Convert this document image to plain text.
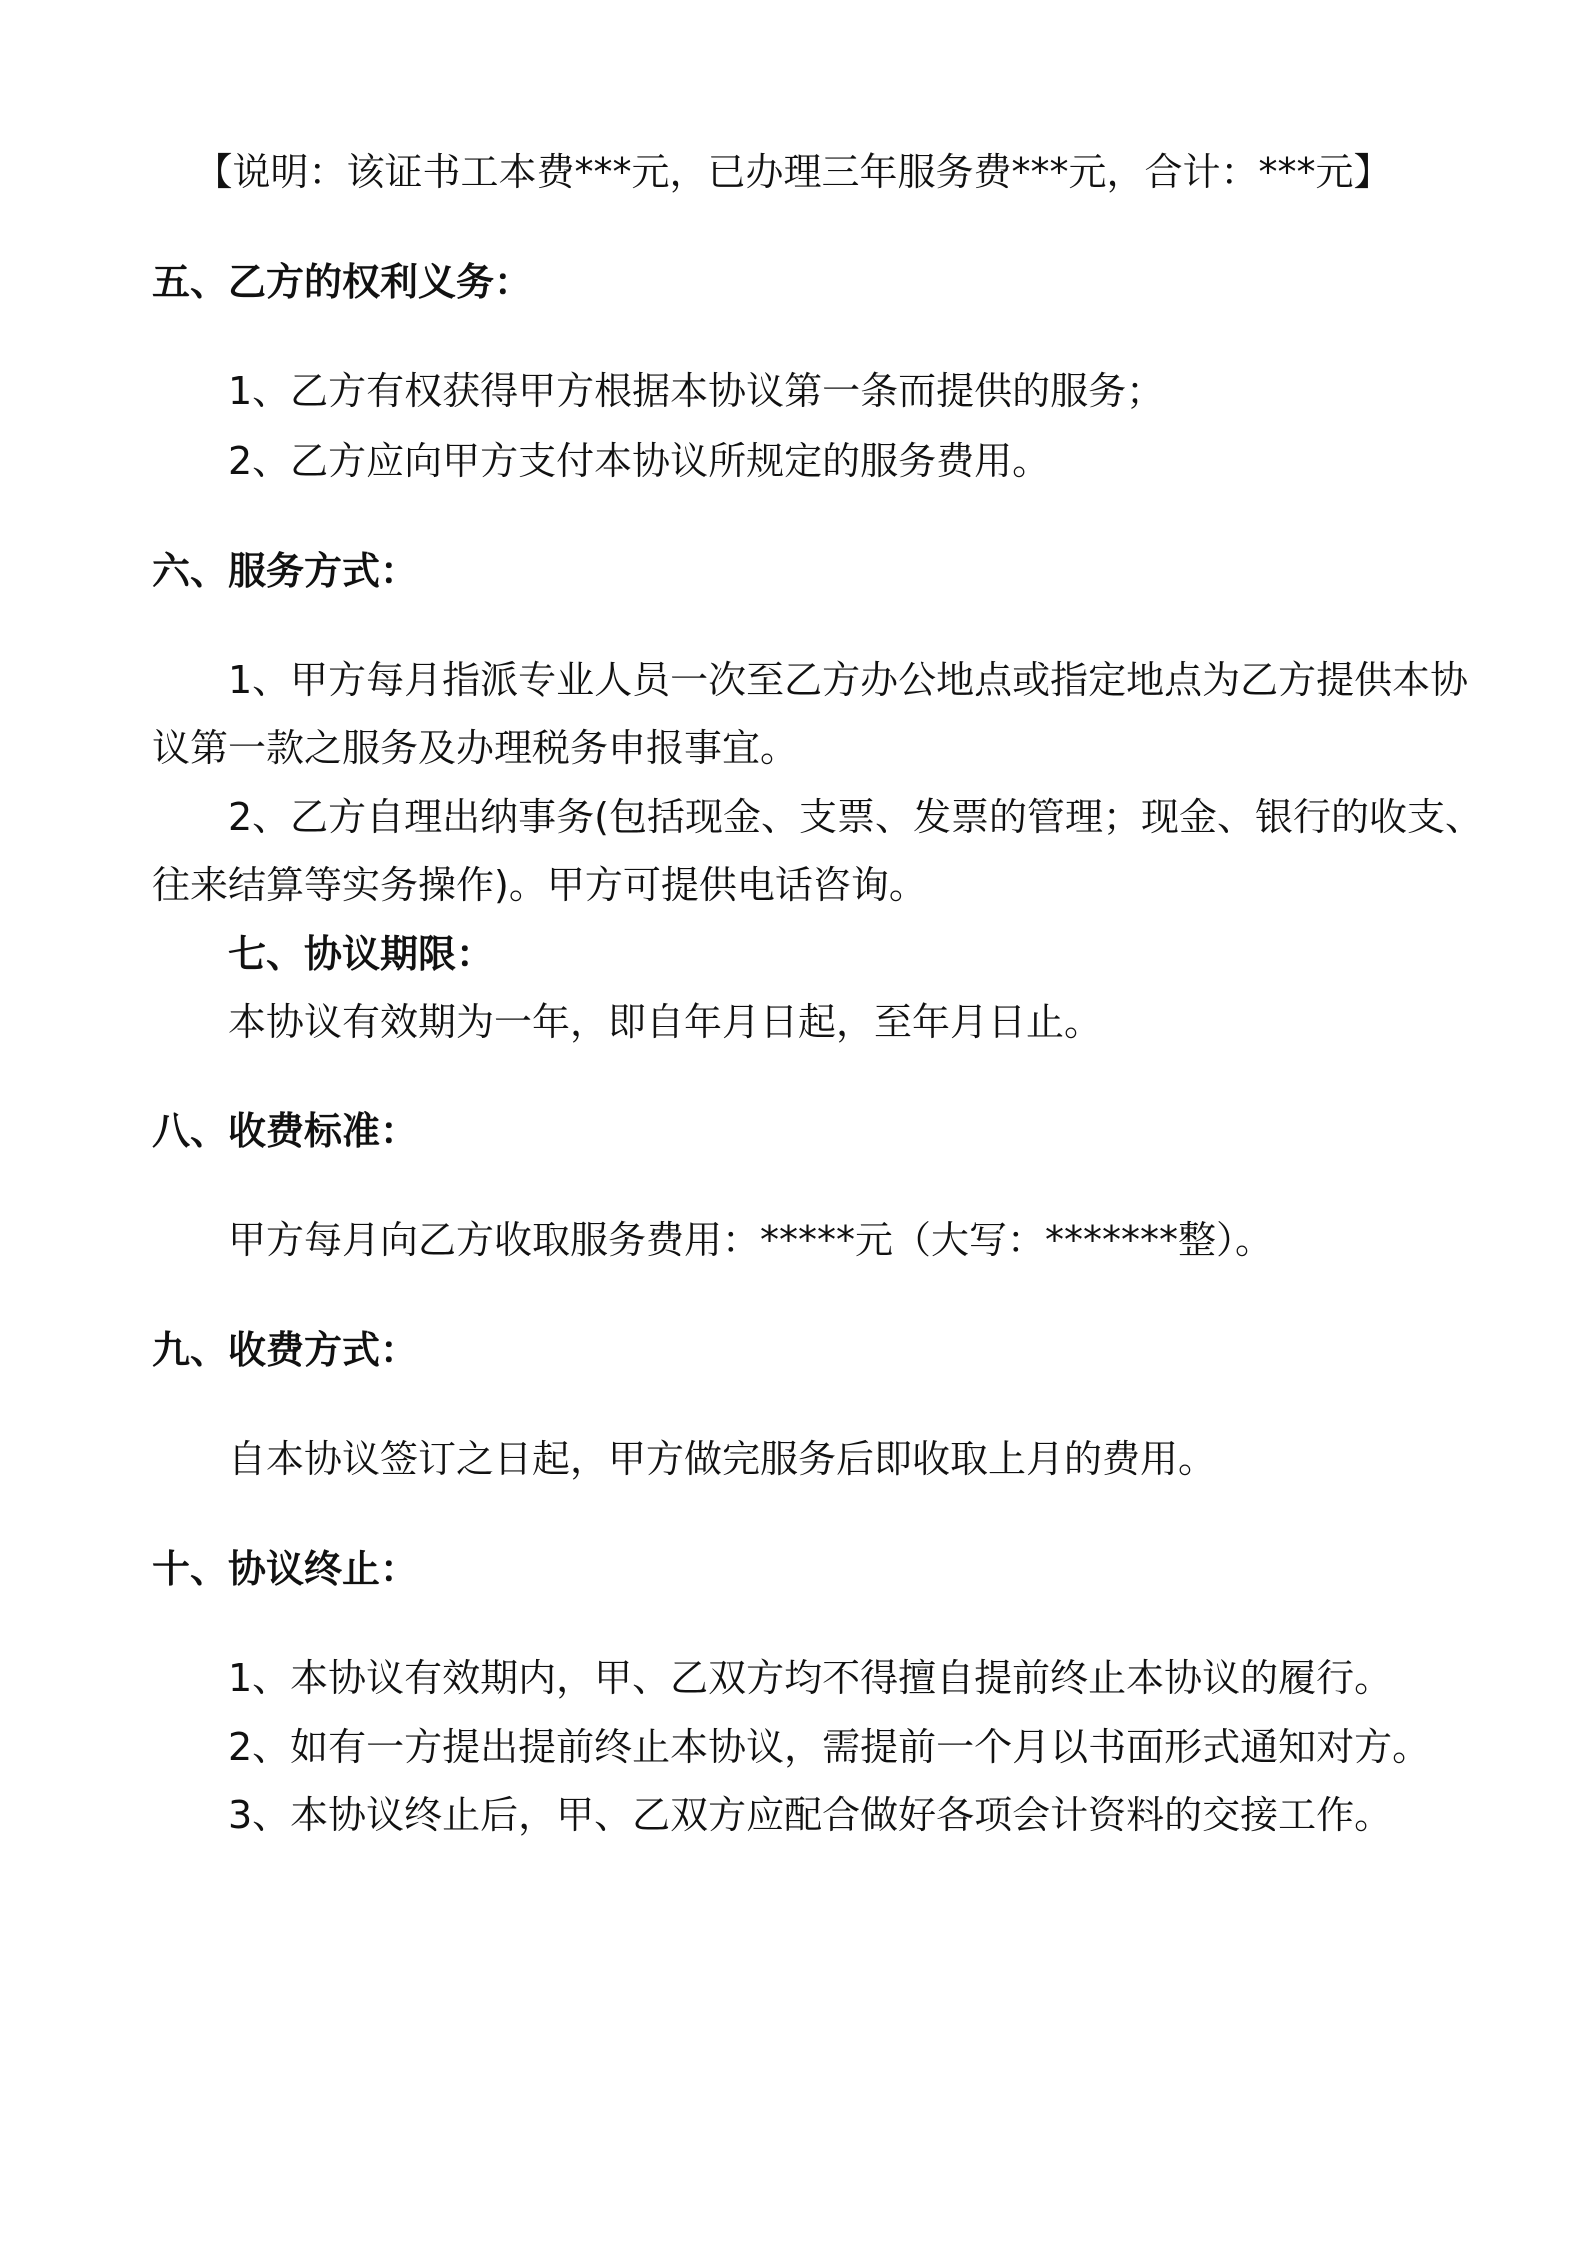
【说明：该证书工本费***元，已办理三年服务费***元，合计：***元】

五、乙方的权利义务：

1、乙方有权获得甲方根据本协议第一条而提供的服务；

2、乙方应向甲方支付本协议所规定的服务费用。

六、服务方式：

1、甲方每月指派专业人员一次至乙方办公地点或指定地点为乙方提供本协

议第一款之服务及办理税务申报事宜。

2、乙方自理出纳事务(包括现金、支票、发票的管理；现金、银行的收支、

往来结算等实务操作)。甲方可提供电话咨询。

七、协议期限：

本协议有效期为一年，即自年月日起，至年月日止。

八、收费标准：

甲方每月向乙方收取服务费用：*****元（大写：*******整）。

九、收费方式：

自本协议签订之日起，甲方做完服务后即收取上月的费用。

十、协议终止：

1、本协议有效期内，甲、乙双方均不得擅自提前终止本协议的履行。

2、如有一方提出提前终止本协议，需提前一个月以书面形式通知对方。

3、本协议终止后，甲、乙双方应配合做好各项会计资料的交接工作。
